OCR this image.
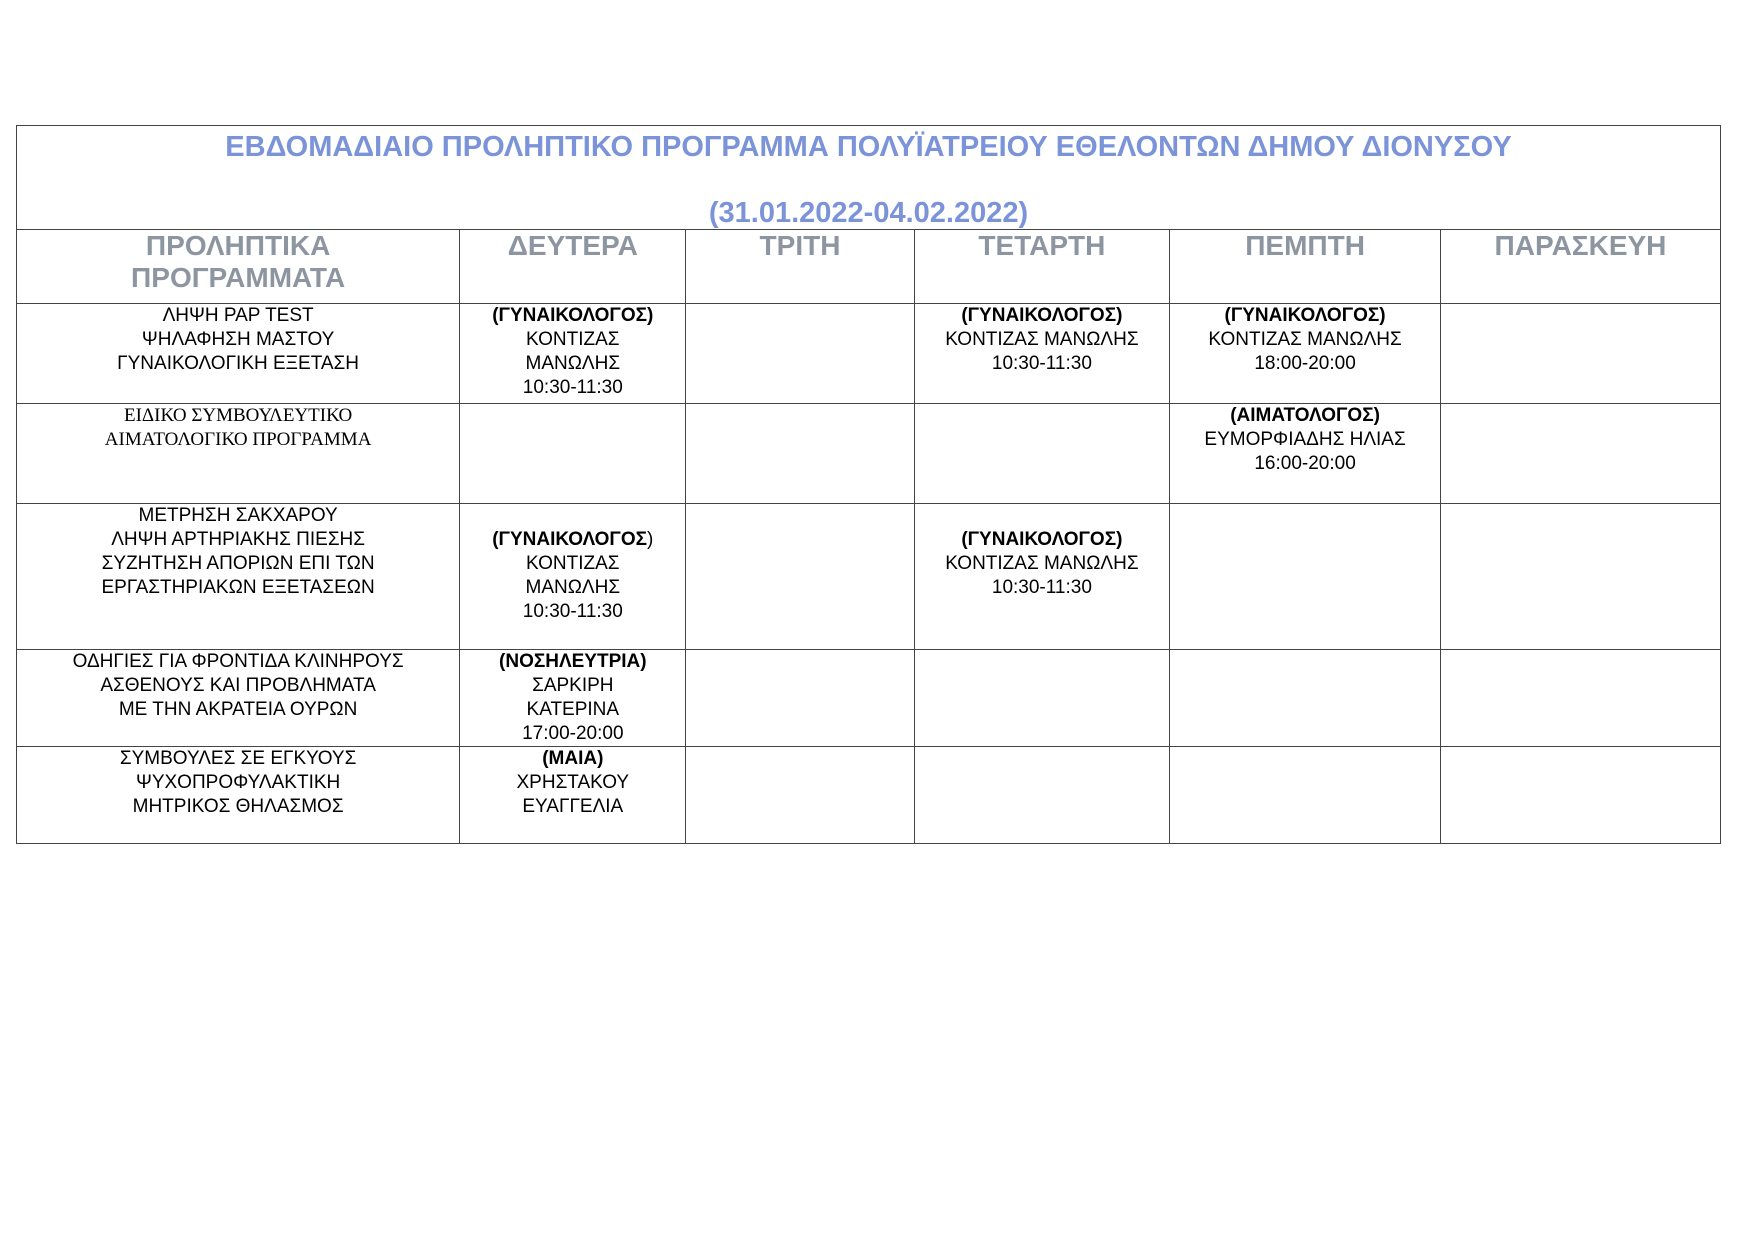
ΕΒΔΟΜΑΔΙΑΙΟ ΠΡΟΛΗΠΤΙΚΟ ΠΡΟΓΡΑΜΜΑ ΠΟΛΥΪΑΤΡΕΙΟΥ ΕΘΕΛΟΝΤΩΝ ΔΗΜΟΥ ΔΙΟΝΥΣΟΥ
(31.01.2022-04.02.2022)					

ΠΡΟΛΗΠΤΙΚΑ
ΠΡΟΓΡΑΜΜΑΤΑ	ΔΕΥΤΕΡΑ	ΤΡΙΤΗ	ΤΕΤΑΡΤΗ	ΠΕΜΠΤΗ	ΠΑΡΑΣΚΕΥΗ

ΛΗΨΗ PAP TEST
ΨΗΛΑΦΗΣΗ ΜΑΣΤΟΥ
ΓΥΝΑΙΚΟΛΟΓΙΚΗ ΕΞΕΤΑΣΗ	(ΓΥΝΑΙΚΟΛΟΓΟΣ)
ΚΟΝΤΙΖΑΣ
ΜΑΝΩΛΗΣ
10:30-11:30		(ΓΥΝΑΙΚΟΛΟΓΟΣ)
ΚΟΝΤΙΖΑΣ ΜΑΝΩΛΗΣ
10:30-11:30	(ΓΥΝΑΙΚΟΛΟΓΟΣ)
ΚΟΝΤΙΖΑΣ ΜΑΝΩΛΗΣ
18:00-20:00	

ΕΙΔΙΚΟ ΣΥΜΒΟΥΛΕΥΤΙΚΟ
ΑΙΜΑΤΟΛΟΓΙΚΟ ΠΡΟΓΡΑΜΜΑ				(ΑΙΜΑΤΟΛΟΓΟΣ)
ΕΥΜΟΡΦΙΑΔΗΣ ΗΛΙΑΣ
16:00-20:00	

ΜΕΤΡΗΣΗ ΣΑΚΧΑΡΟΥ
ΛΗΨΗ ΑΡΤΗΡΙΑΚΗΣ ΠΙΕΣΗΣ
ΣΥΖΗΤΗΣΗ ΑΠΟΡΙΩΝ ΕΠΙ ΤΩΝ
ΕΡΓΑΣΤΗΡΙΑΚΩΝ ΕΞΕΤΑΣΕΩΝ	(ΓΥΝΑΙΚΟΛΟΓΟΣ)
ΚΟΝΤΙΖΑΣ
ΜΑΝΩΛΗΣ
10:30-11:30		(ΓΥΝΑΙΚΟΛΟΓΟΣ)
ΚΟΝΤΙΖΑΣ ΜΑΝΩΛΗΣ
10:30-11:30		

ΟΔΗΓΙΕΣ ΓΙΑ ΦΡΟΝΤΙΔΑ ΚΛΙΝΗΡΟΥΣ
ΑΣΘΕΝΟΥΣ ΚΑΙ ΠΡΟΒΛΗΜΑΤΑ
ΜΕ ΤΗΝ ΑΚΡΑΤΕΙΑ ΟΥΡΩΝ	(ΝΟΣΗΛΕΥΤΡΙΑ)
ΣΑΡΚΙΡΗ
ΚΑΤΕΡΙΝΑ
17:00-20:00				

ΣΥΜΒΟΥΛΕΣ ΣΕ ΕΓΚΥΟΥΣ
ΨΥΧΟΠΡΟΦΥΛΑΚΤΙΚΗ
ΜΗΤΡΙΚΟΣ ΘΗΛΑΣΜΟΣ	(ΜΑΙΑ)
ΧΡΗΣΤΑΚΟΥ
ΕΥΑΓΓΕΛΙΑ				
